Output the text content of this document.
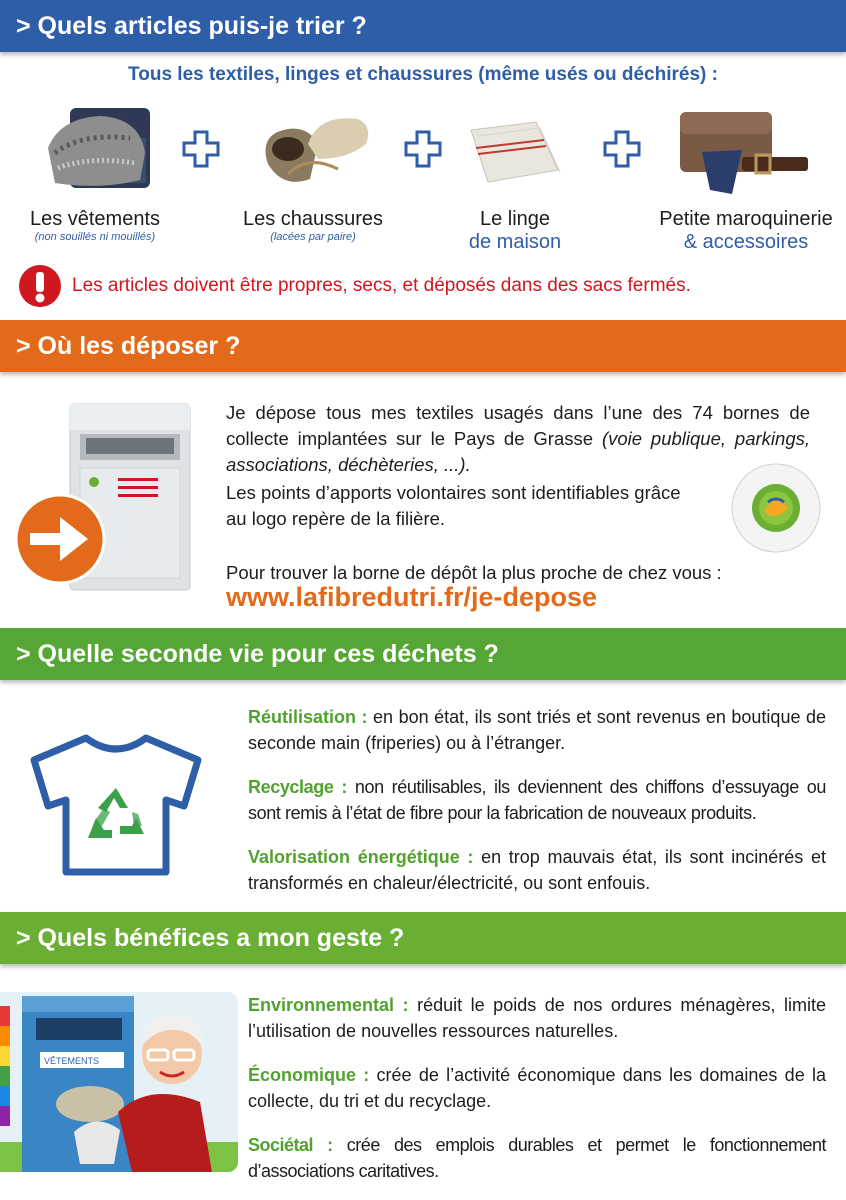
> Quels articles puis-je trier ?
Tous les textiles, linges et chaussures (même usés ou déchirés) :
Les vêtements
(non souillés ni mouillés)
Les chaussures
(lacées par paire)
Le linge
de maison
Petite maroquinerie
& accessoires
Les articles doivent être propres, secs, et déposés dans des sacs fermés.
> Où les déposer ?
Je dépose tous mes textiles usagés dans l’une des 74 bornes de collecte implantées sur le Pays de Grasse (voie publique, parkings, associations, déchèteries, ...).
Les points d’apports volontaires sont identifiables grâce au logo repère de la filière.
Pour trouver la borne de dépôt la plus proche de chez vous :
www.lafibredutri.fr/je-depose
> Quelle seconde vie pour ces déchets ?
Réutilisation : en bon état, ils sont triés et sont revenus en boutique de seconde main (friperies) ou à l’étranger.
Recyclage : non réutilisables, ils deviennent des chiffons d’essuyage ou sont remis à l’état de fibre pour la fabrication de nouveaux produits.
Valorisation énergétique : en trop mauvais état, ils sont incinérés et transformés en chaleur/électricité, ou sont enfouis.
> Quels bénéfices a mon geste ?
VÊTEMENTS
Environnemental : réduit le poids de nos ordures ménagères, limite l’utilisation de nouvelles ressources naturelles.
Économique : crée de l’activité économique dans les domaines de la collecte, du tri et du recyclage.
Sociétal : crée des emplois durables et permet le fonctionnement d’associations caritatives.
